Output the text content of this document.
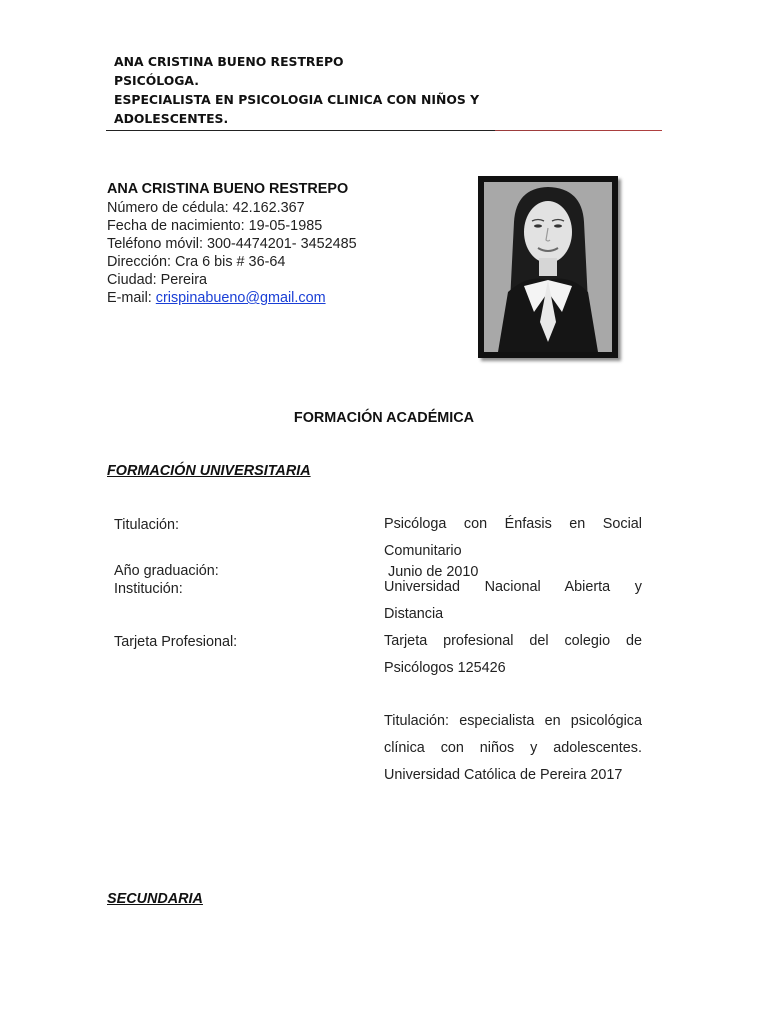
ANA CRISTINA BUENO RESTREPO
PSICÓLOGA.
ESPECIALISTA EN PSICOLOGIA CLINICA CON NIÑOS Y
ADOLESCENTES.
ANA CRISTINA BUENO RESTREPO
Número de cédula: 42.162.367
Fecha de nacimiento: 19-05-1985
Teléfono móvil: 300-4474201- 3452485
Dirección: Cra 6 bis # 36-64
Ciudad: Pereira
E-mail: crispinabueno@gmail.com
FORMACIÓN ACADÉMICA
FORMACIÓN UNIVERSITARIA
Titulación:	Psicóloga con Énfasis en Social Comunitario
Año graduación:	Junio de 2010
Institución:	Universidad Nacional Abierta y Distancia
Tarjeta Profesional:	Tarjeta profesional del colegio de Psicólogos 125426
Titulación: especialista en psicológica clínica con niños y adolescentes. Universidad Católica de Pereira 2017
SECUNDARIA
